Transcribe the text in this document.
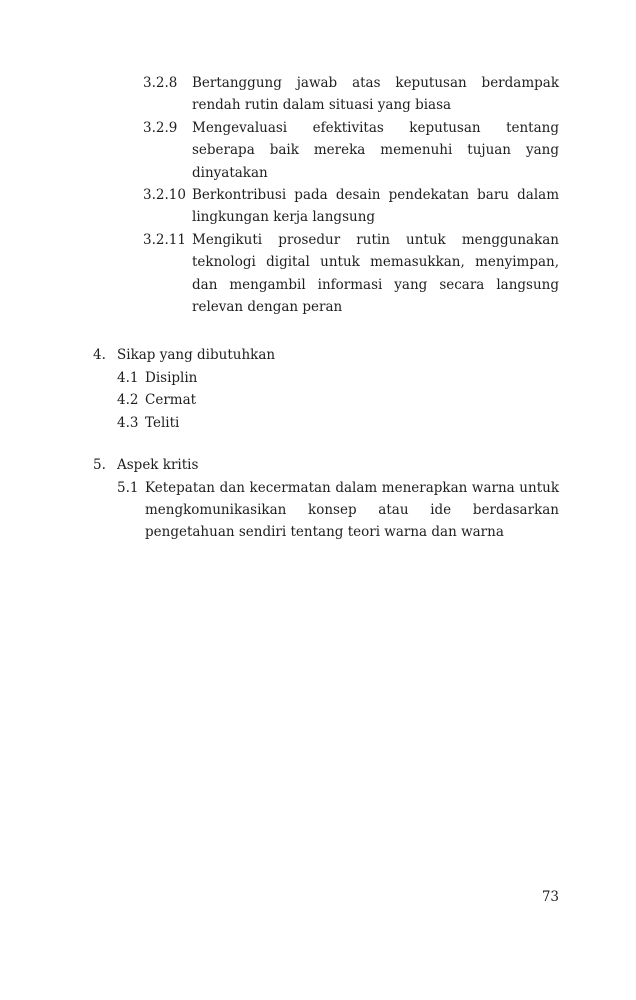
3.2.8 Bertanggung jawab atas keputusan berdampak rendah rutin dalam situasi yang biasa

3.2.9 Mengevaluasi efektivitas keputusan tentang seberapa baik mereka memenuhi tujuan yang dinyatakan

3.2.10 Berkontribusi pada desain pendekatan baru dalam lingkungan kerja langsung

3.2.11 Mengikuti prosedur rutin untuk menggunakan teknologi digital untuk memasukkan, menyimpan, dan mengambil informasi yang secara langsung relevan dengan peran

4. Sikap yang dibutuhkan

4.1 Disiplin

4.2 Cermat

4.3 Teliti

5. Aspek kritis

5.1 Ketepatan dan kecermatan dalam menerapkan warna untuk mengkomunikasikan konsep atau ide berdasarkan pengetahuan sendiri tentang teori warna dan warna

73
